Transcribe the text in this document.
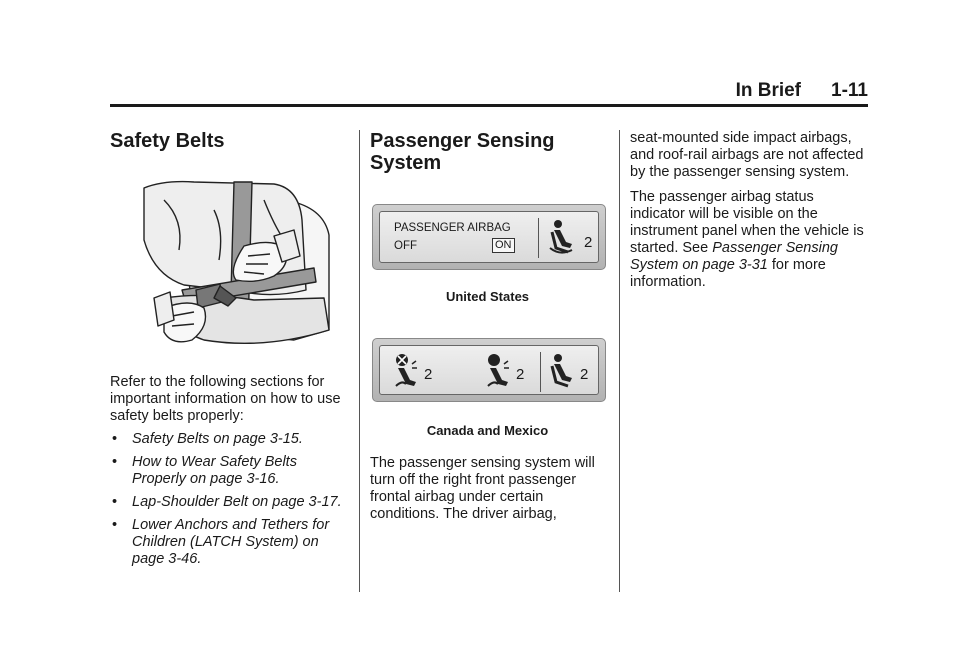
In Brief 1-11
Safety Belts

Refer to the following sections for important information on how to use safety belts properly:

• Safety Belts on page 3-15.
• How to Wear Safety Belts Properly on page 3-16.
• Lap-Shoulder Belt on page 3-17.
• Lower Anchors and Tethers for Children (LATCH System) on page 3-46.
Passenger Sensing
System
PASSENGER AIRBAG
OFF	ON	2
United States
2	2	2
Canada and Mexico

The passenger sensing system will turn off the right front passenger frontal airbag under certain conditions. The driver airbag,

seat-mounted side impact airbags, and roof-rail airbags are not affected by the passenger sensing system.

The passenger airbag status indicator will be visible on the instrument panel when the vehicle is started. See Passenger Sensing System on page 3-31 for more information.
